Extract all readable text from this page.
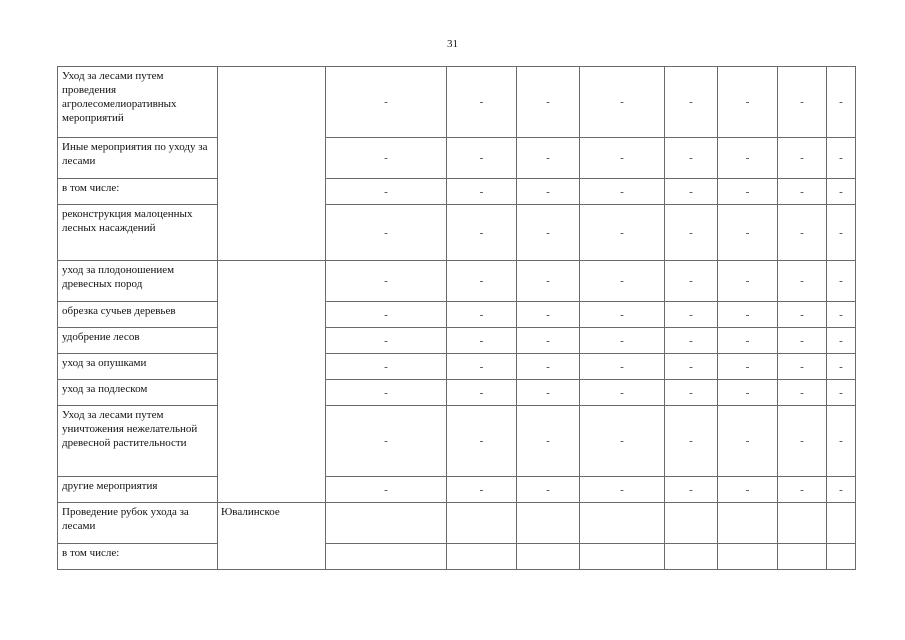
31
Уход за лесами путем проведения агролесомелиоративных мероприятий		-	-	-	-	-	-	-	-
Иные мероприятия по уходу за лесами		-	-	-	-	-	-	-	-
в том числе:		-	-	-	-	-	-	-	-
реконструкция малоценных лесных насаждений		-	-	-	-	-	-	-	-
уход за плодоношением древесных пород		-	-	-	-	-	-	-	-
обрезка сучьев деревьев		-	-	-	-	-	-	-	-
удобрение лесов		-	-	-	-	-	-	-	-
уход за опушками		-	-	-	-	-	-	-	-
уход за подлеском		-	-	-	-	-	-	-	-
Уход за лесами путем уничтожения нежелательной древесной растительности		-	-	-	-	-	-	-	-
другие мероприятия		-	-	-	-	-	-	-	-
Проведение рубок ухода за лесами	Ювалинское								
в том числе:									
